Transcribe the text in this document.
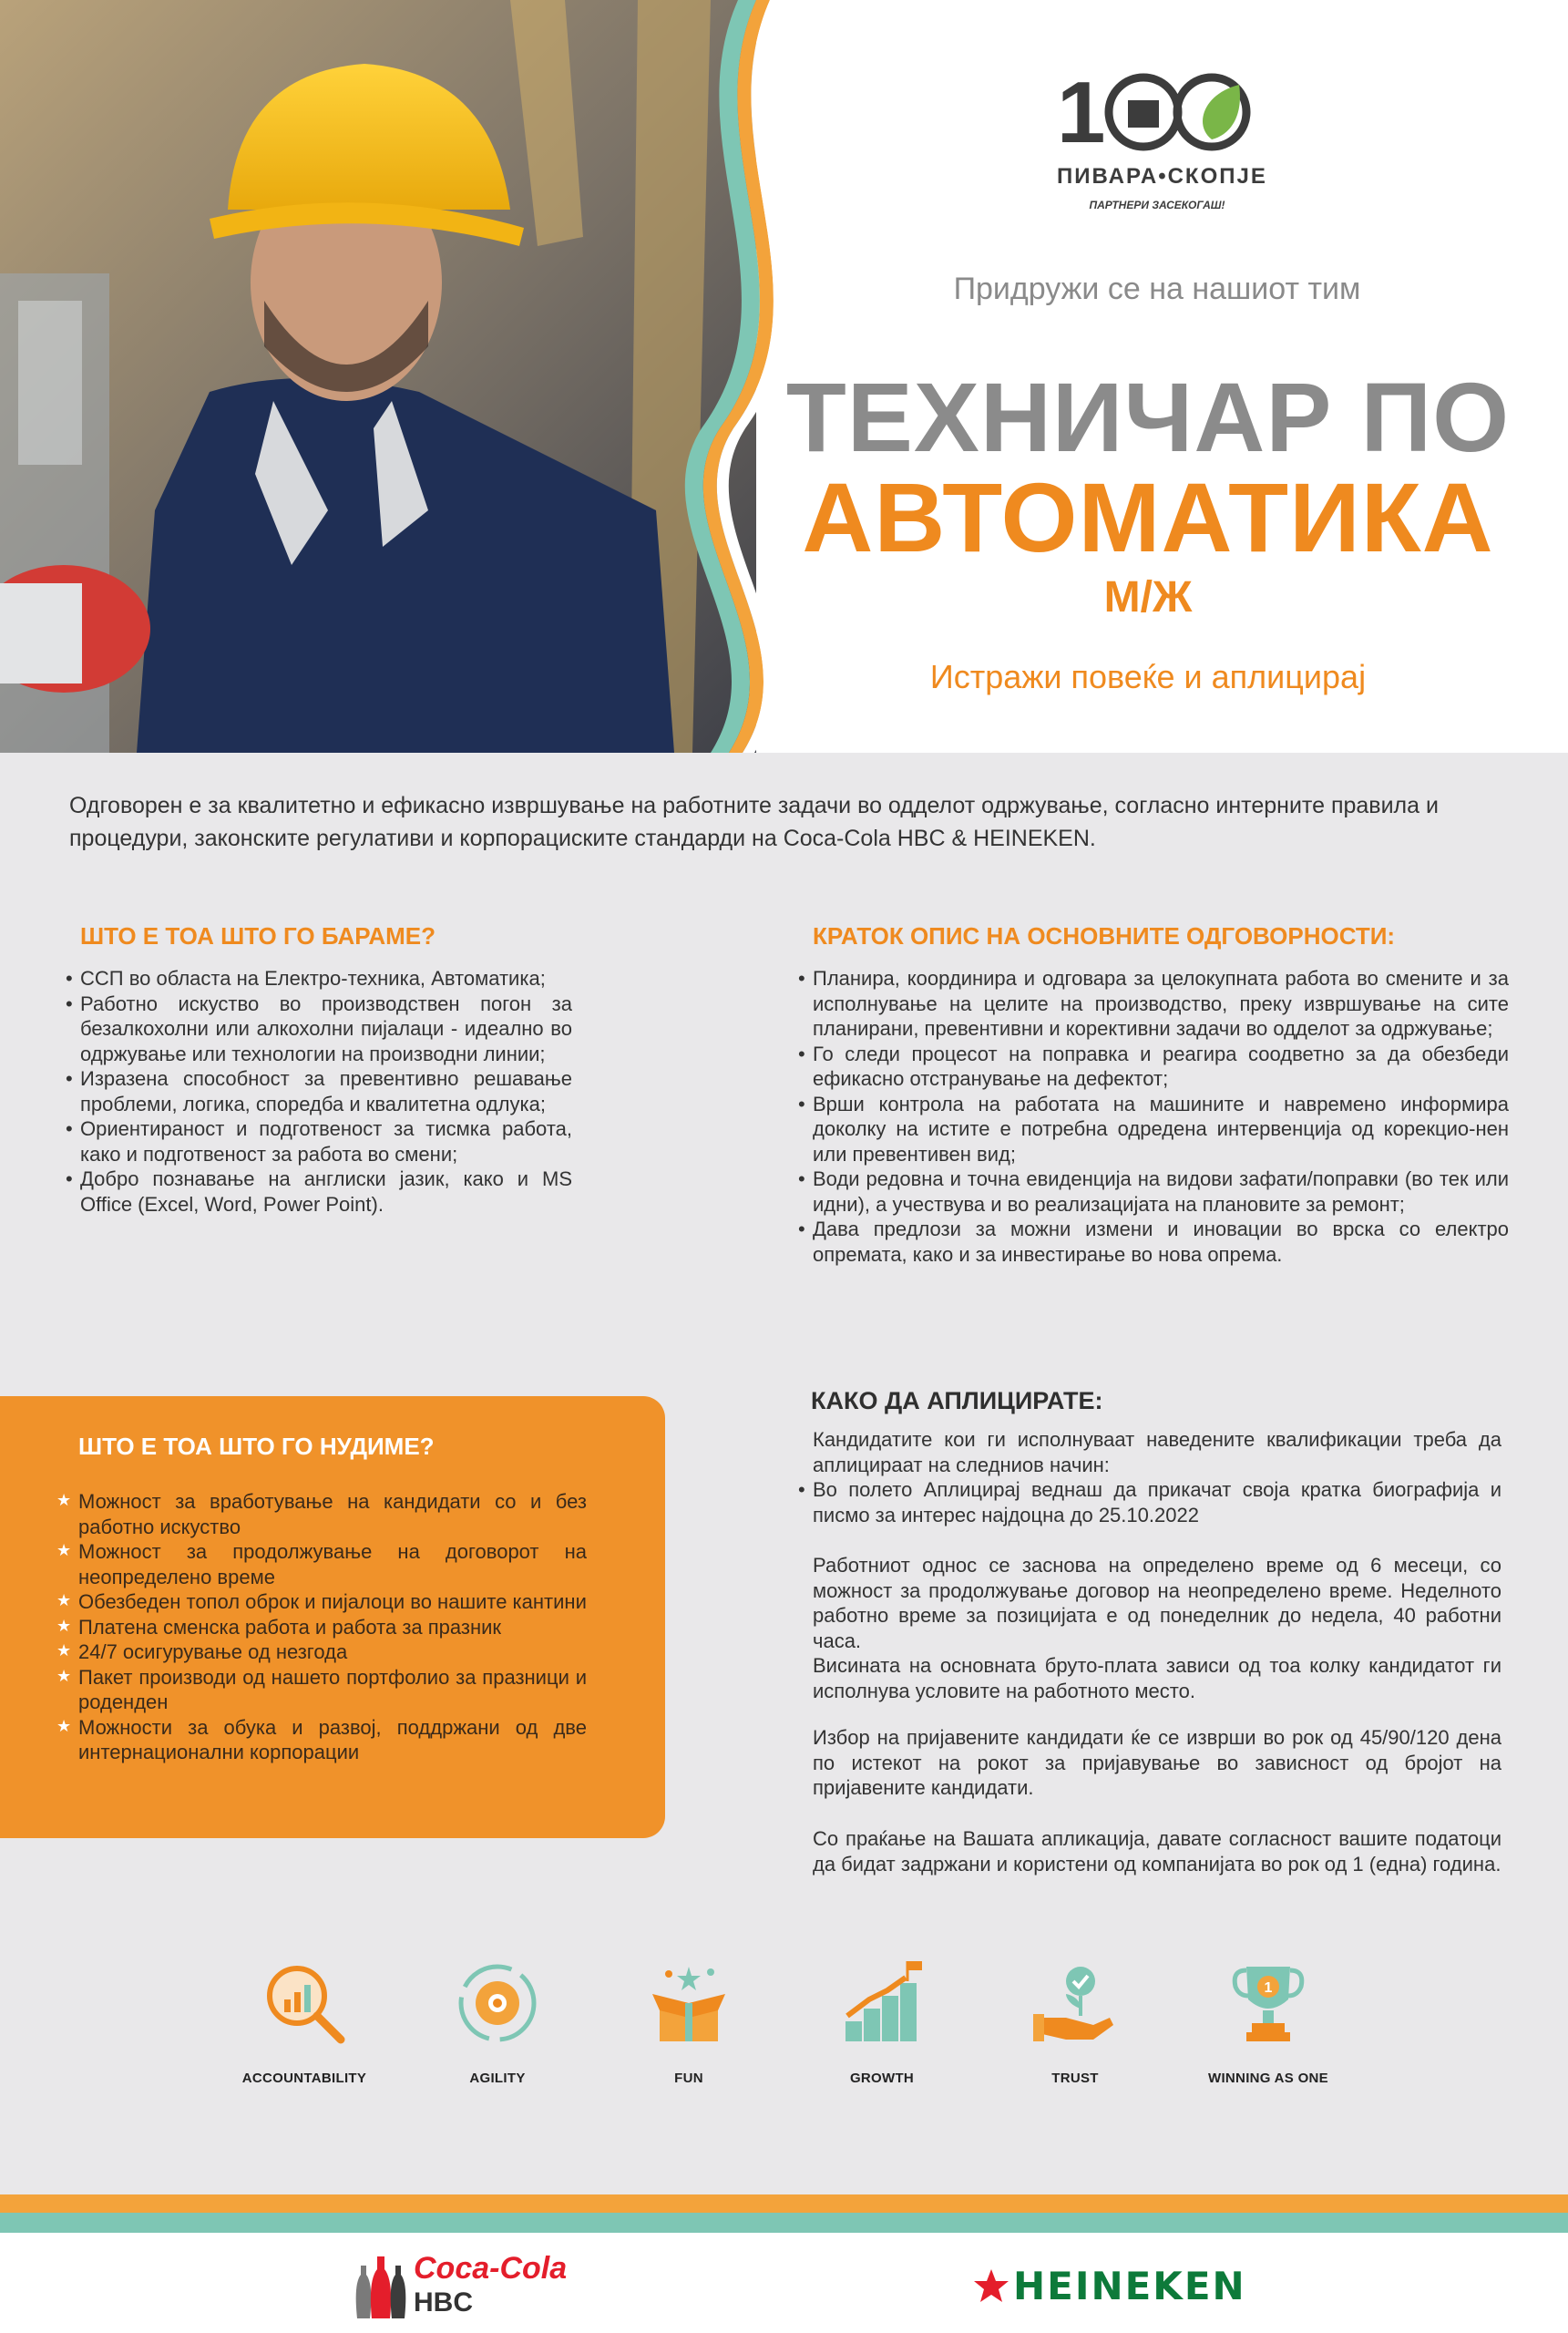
1
ПИВАРА•СКОПЈЕ
ПАРТНЕРИ ЗАСЕКОГАШ!
Придружи се на нашиот тим
ТЕХНИЧАР ПО
АВТОМАТИКА
М/Ж
Истражи повеќе и аплицирај
Одговорен е за квалитетно и ефикасно извршување на работните задачи во одделот одржување, согласно интерните правила и процедури, законските регулативи и корпорациските стандарди на Coca-Cola HBC & HEINEKEN.
ШТО Е ТОА ШТО ГО БАРАМЕ?
• ССП во областа на Електро-техника, Автоматика;
• Работно искуство во производствен погон за безалкохолни или алкохолни пијалаци - идеално во одржување или технологии на производни линии;
• Изразена способност за превентивно решавање проблеми, логика, споредба и квалитетна одлука;
• Ориентираност и подготвеност за тисмка работа, како и подготвеност за работа во смени;
• Добро познавање на англиски јазик, како и MS Office (Excel, Word, Power Point).
КРАТОК ОПИС НА ОСНОВНИТЕ ОДГОВОРНОСТИ:
• Планира, координира и одговара за целокупната работа во смените и за исполнување на целите на производство, преку извршување на сите планирани, превентивни и корективни задачи во одделот за одржување;
• Го следи процесот на поправка и реагира соодветно за да обезбеди ефикасно отстранување на дефектот;
• Врши контрола на работата на машините и навремено информира доколку на истите е потребна одредена интервенција од корекцио-нен или превентивен вид;
• Води редовна и точна евиденција на видови зафати/поправки (во тек или идни), а учествува и во реализацијата на плановите за ремонт;
• Дава предлози за можни измени и иновации во врска со електро опремата, како и за инвестирање во нова опрема.
ШТО Е ТОА ШТО ГО НУДИМЕ?
★ Можност за вработување на кандидати со и без работно искуство
★ Можност за продолжување на договорот на неопределено време
★ Обезбеден топол оброк и пијалоци во нашите кантини
★ Платена сменска работа и работа за празник
★ 24/7 осигурување од незгода
★ Пакет производи од нашето портфолио за празници и роденден
★ Можности за обука и развој, поддржани од две интернационални корпорации
КАКО ДА АПЛИЦИРАТЕ:
Кандидатите кои ги исполнуваат наведените квалификации треба да аплицираат на следниов начин:
• Во полето Аплицирај веднаш да прикачат своја кратка биографија и писмо за интерес најдоцна до 25.10.2022
Работниот однос се заснова на определено време од 6 месеци, со можност за продолжување договор на неопределено време. Неделното работно време за позицијата е од понеделник до недела, 40 работни часа.
Висината на основната бруто-плата зависи од тоа колку кандидатот ги исполнува условите на работното место.
Избор на пријавените кандидати ќе се изврши во рок од 45/90/120 дена по истекот на рокот за пријавување во зависност од бројот на пријавените кандидати.
Со праќање на Вашата апликација, давате согласност вашите податоци да бидат задржани и користени од компанијата во рок од 1 (една) година.
ACCOUNTABILITY	AGILITY	FUN	GROWTH	TRUST
1
WINNING AS ONE
Coca-Cola
HBC	HEINEKEN
